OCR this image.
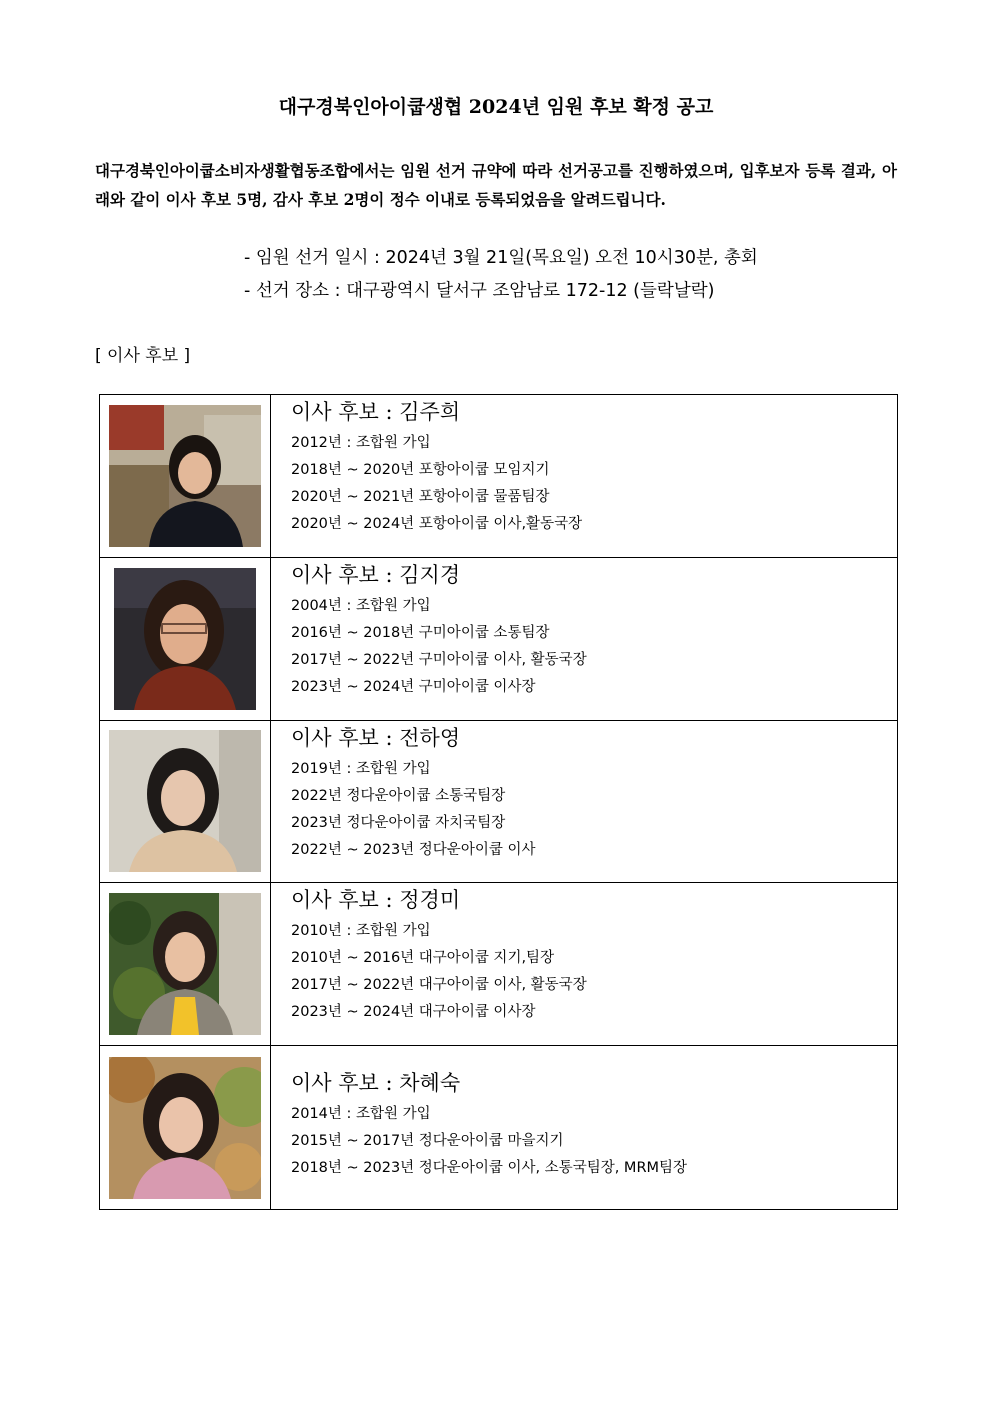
대구경북인아이쿱생협 2024년 임원 후보 확정 공고
대구경북인아이쿱소비자생활협동조합에서는 임원 선거 규약에 따라 선거공고를 진행하였으며, 입후보자 등록 결과, 아래와 같이 이사 후보 5명, 감사 후보 2명이 정수 이내로 등록되었음을 알려드립니다.
- 임원 선거 일시 : 2024년 3월 21일(목요일) 오전 10시30분, 총회
- 선거 장소 : 대구광역시 달서구 조암남로 172-12 (들락날락)
[ 이사 후보 ]
이사 후보 : 김주희
2012년 : 조합원 가입
2018년 ~ 2020년 포항아이쿱 모임지기
2020년 ~ 2021년 포항아이쿱 물품팀장
2020년 ~ 2024년 포항아이쿱 이사,활동국장
이사 후보 : 김지경
2004년 : 조합원 가입
2016년 ~ 2018년 구미아이쿱 소통팀장
2017년 ~ 2022년 구미아이쿱 이사, 활동국장
2023년 ~ 2024년 구미아이쿱 이사장
이사 후보 : 전하영
2019년 : 조합원 가입
2022년 정다운아이쿱 소통국팀장
2023년 정다운아이쿱 자치국팀장
2022년 ~ 2023년 정다운아이쿱 이사
이사 후보 : 정경미
2010년 : 조합원 가입
2010년 ~ 2016년 대구아이쿱 지기,팀장
2017년 ~ 2022년 대구아이쿱 이사, 활동국장
2023년 ~ 2024년 대구아이쿱 이사장
이사 후보 : 차혜숙
2014년 : 조합원 가입
2015년 ~ 2017년 정다운아이쿱 마을지기
2018년 ~ 2023년 정다운아이쿱 이사, 소통국팀장, MRM팀장
